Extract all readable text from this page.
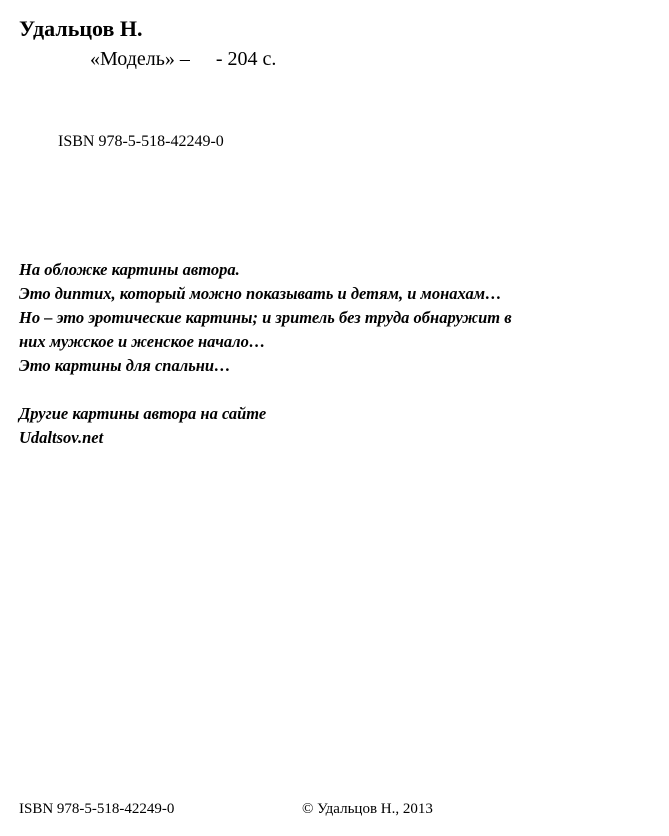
Удальцов Н.
«Модель» – - 204 с.
ISBN 978-5-518-42249-0
На обложке картины автора.
Это диптих, который можно показывать и детям, и монахам…
Но – это эротические картины; и зритель без труда обнаружит в
них мужское и женское начало…
Это картины для спальни…
Другие картины автора на сайте
Udaltsov.net
ISBN 978-5-518-42249-0	© Удальцов Н., 2013
